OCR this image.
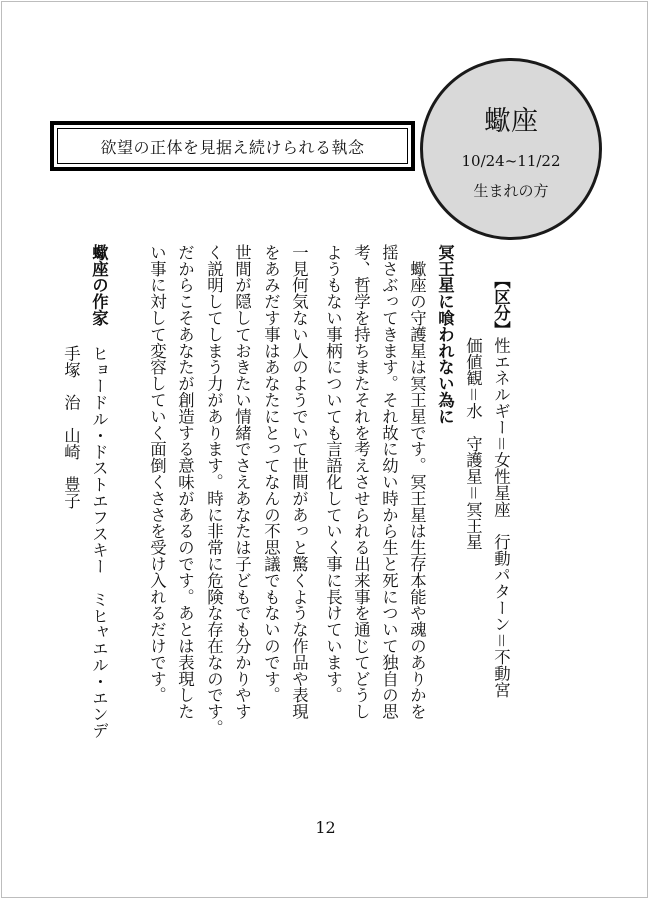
欲望の正体を見据え続けられる執念
蠍座
10/24~11/22
生まれの方
【区分】
性エネルギー＝女性星座　行動パターン＝不動宮
価値観＝水　守護星＝冥王星
冥王星に喰われない為に
　蠍座の守護星は冥王星です。冥王星は生存本能や魂のありかを
揺さぶってきます。それ故に幼い時から生と死について独自の思
考、哲学を持ちまたそれを考えさせられる出来事を通じてどうし
ようもない事柄についても言語化していく事に長けています。
一見何気ない人のようでいて世間があっと驚くような作品や表現
をあみだす事はあなたにとってなんの不思議でもないのです。
世間が隠しておきたい情緒でさえあなたは子どもでも分かりやす
く説明してしまう力があります。時に非常に危険な存在なのです。
だからこそあなたが創造する意味があるのです。あとは表現した
い事に対して変容していく面倒くささを受け入れるだけです。
蠍座の作家
ヒョードル・ドストエフスキー　ミヒャエル・エンデ
手塚　治　山崎　豊子
12
